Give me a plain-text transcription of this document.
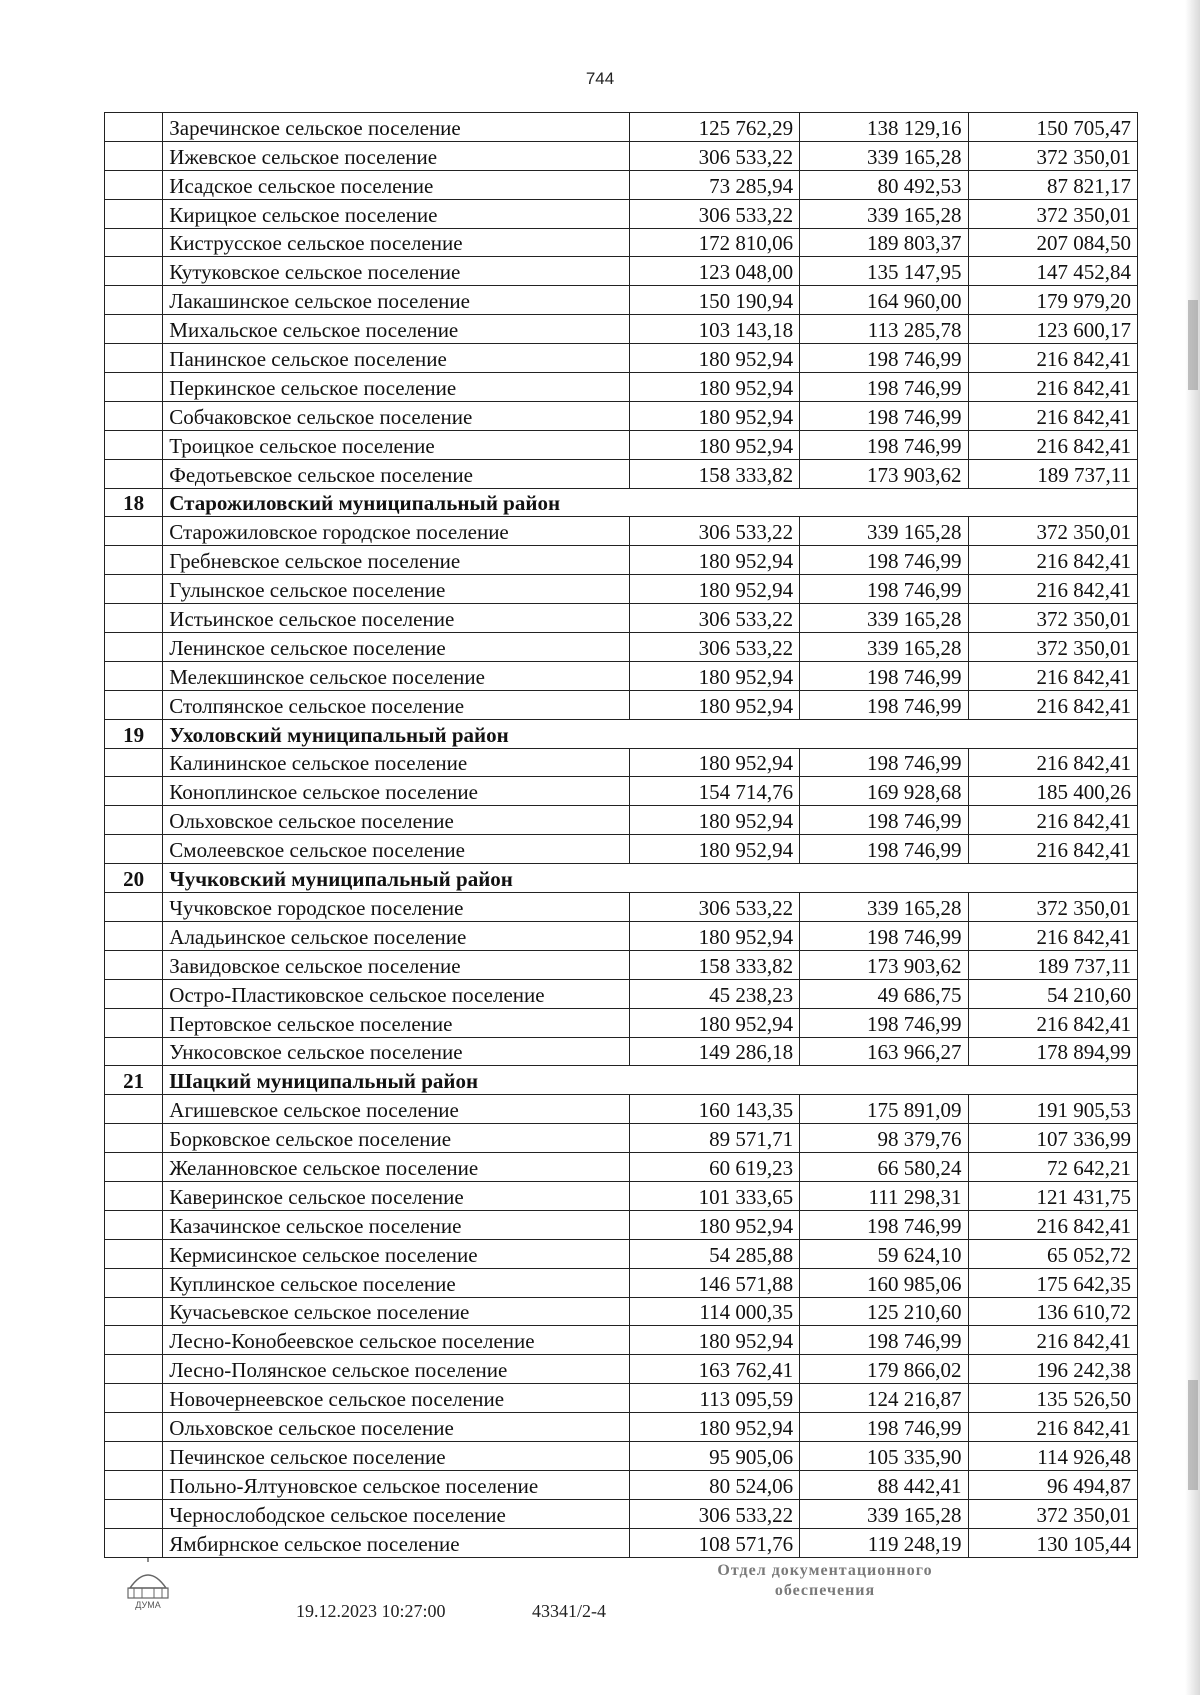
744
	Заречинское сельское поселение	125 762,29	138 129,16	150 705,47
	Ижевское сельское поселение	306 533,22	339 165,28	372 350,01
	Исадское сельское поселение	73 285,94	80 492,53	87 821,17
	Кирицкое сельское поселение	306 533,22	339 165,28	372 350,01
	Киструсское сельское поселение	172 810,06	189 803,37	207 084,50
	Кутуковское сельское поселение	123 048,00	135 147,95	147 452,84
	Лакашинское сельское поселение	150 190,94	164 960,00	179 979,20
	Михальское сельское поселение	103 143,18	113 285,78	123 600,17
	Панинское сельское поселение	180 952,94	198 746,99	216 842,41
	Перкинское сельское поселение	180 952,94	198 746,99	216 842,41
	Собчаковское сельское поселение	180 952,94	198 746,99	216 842,41
	Троицкое сельское поселение	180 952,94	198 746,99	216 842,41
	Федотьевское сельское поселение	158 333,82	173 903,62	189 737,11
18	Старожиловский муниципальный район			
	Старожиловское городское поселение	306 533,22	339 165,28	372 350,01
	Гребневское сельское поселение	180 952,94	198 746,99	216 842,41
	Гулынское сельское поселение	180 952,94	198 746,99	216 842,41
	Истьинское сельское поселение	306 533,22	339 165,28	372 350,01
	Ленинское сельское поселение	306 533,22	339 165,28	372 350,01
	Мелекшинское сельское поселение	180 952,94	198 746,99	216 842,41
	Столпянское сельское поселение	180 952,94	198 746,99	216 842,41
19	Ухоловский муниципальный район			
	Калининское сельское поселение	180 952,94	198 746,99	216 842,41
	Коноплинское сельское поселение	154 714,76	169 928,68	185 400,26
	Ольховское сельское поселение	180 952,94	198 746,99	216 842,41
	Смолеевское сельское поселение	180 952,94	198 746,99	216 842,41
20	Чучковский муниципальный район			
	Чучковское городское поселение	306 533,22	339 165,28	372 350,01
	Аладьинское сельское поселение	180 952,94	198 746,99	216 842,41
	Завидовское сельское поселение	158 333,82	173 903,62	189 737,11
	Остро-Пластиковское сельское поселение	45 238,23	49 686,75	54 210,60
	Пертовское сельское поселение	180 952,94	198 746,99	216 842,41
	Ункосовское сельское поселение	149 286,18	163 966,27	178 894,99
21	Шацкий муниципальный район			
	Агишевское сельское поселение	160 143,35	175 891,09	191 905,53
	Борковское сельское поселение	89 571,71	98 379,76	107 336,99
	Желанновское сельское поселение	60 619,23	66 580,24	72 642,21
	Каверинское сельское поселение	101 333,65	111 298,31	121 431,75
	Казачинское сельское поселение	180 952,94	198 746,99	216 842,41
	Кермисинское сельское поселение	54 285,88	59 624,10	65 052,72
	Куплинское сельское поселение	146 571,88	160 985,06	175 642,35
	Кучасьевское сельское поселение	114 000,35	125 210,60	136 610,72
	Лесно-Конобеевское сельское поселение	180 952,94	198 746,99	216 842,41
	Лесно-Полянское сельское поселение	163 762,41	179 866,02	196 242,38
	Новочернеевское сельское поселение	113 095,59	124 216,87	135 526,50
	Ольховское сельское поселение	180 952,94	198 746,99	216 842,41
	Печинское сельское поселение	95 905,06	105 335,90	114 926,48
	Польно-Ялтуновское сельское поселение	80 524,06	88 442,41	96 494,87
	Чернослободское сельское поселение	306 533,22	339 165,28	372 350,01
	Ямбирнское сельское поселение	108 571,76	119 248,19	130 105,44
ДУМА	19.12.2023 10:27:00	43341/2-4
Отдел документационного
обеспечения
